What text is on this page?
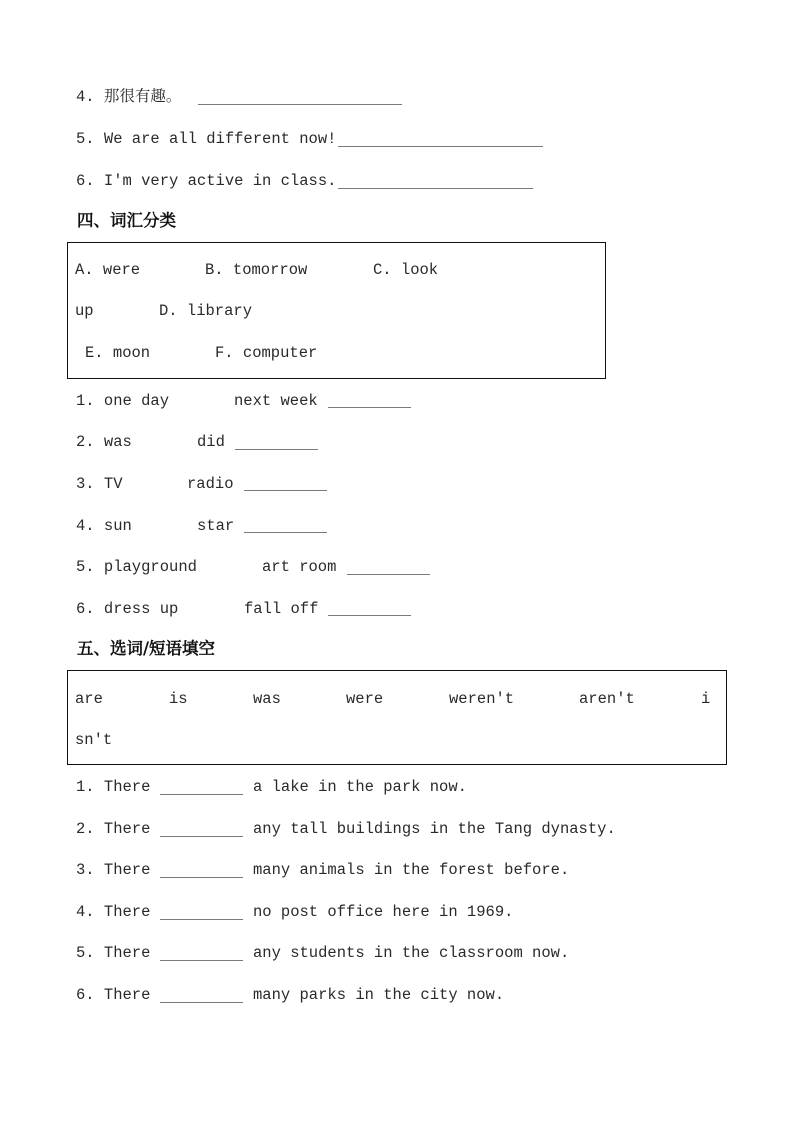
4. 那很有趣。
5. We are all different now!
6. I'm very active in class.
四、词汇分类
A. were	B. tomorrow	C. look
up	D. library
E. moon	F. computer
1. one day	next week
2. was	did
3. TV	radio
4. sun	star
5. playground	art room
6. dress up	fall off
五、选词/短语填空
are	is	was	were	weren't	aren't	i
sn't
1. There	a lake in the park now.
2. There	any tall buildings in the Tang dynasty.
3. There	many animals in the forest before.
4. There	no post office here in 1969.
5. There	any students in the classroom now.
6. There	many parks in the city now.
